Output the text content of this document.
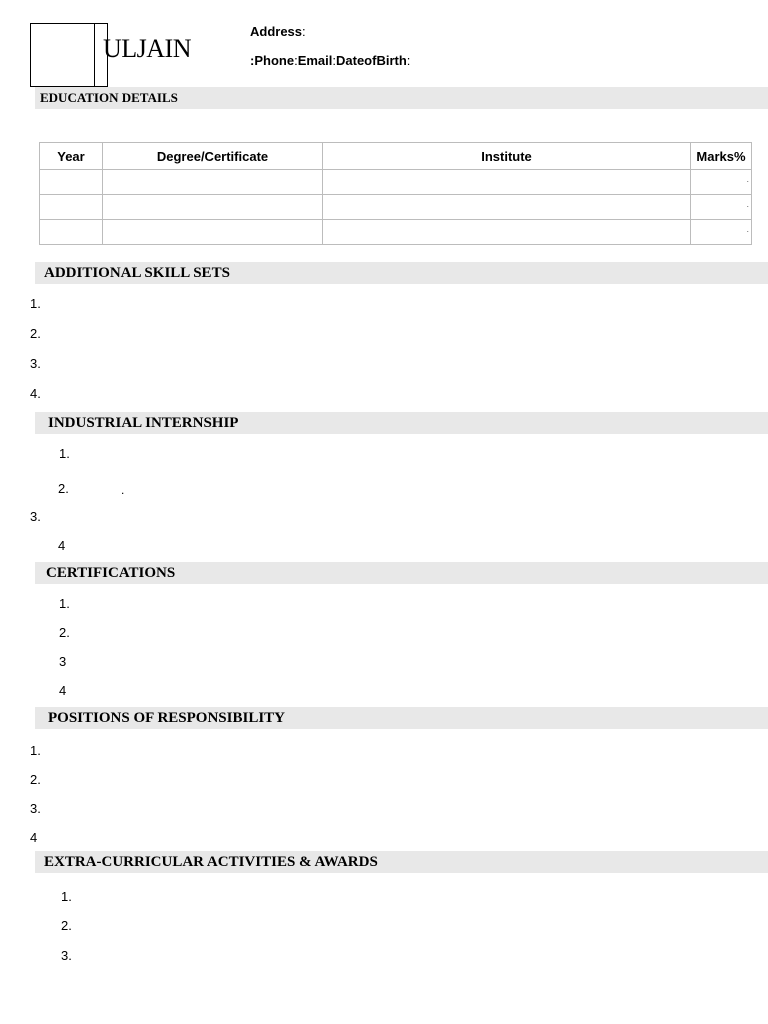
ULJAIN
Address:
:Phone:Email:DateofBirth:
EDUCATION DETAILS
Year	Degree/Certificate	Institute	Marks%

			.

			.

			.
ADDITIONAL SKILL SETS
1.
2.
3.
4.
INDUSTRIAL INTERNSHIP
1.
2.	.
3.
4
CERTIFICATIONS
1.
2.
3
4
POSITIONS OF RESPONSIBILITY
1.
2.
3.
4
EXTRA-CURRICULAR ACTIVITIES & AWARDS
1.
2.
3.
